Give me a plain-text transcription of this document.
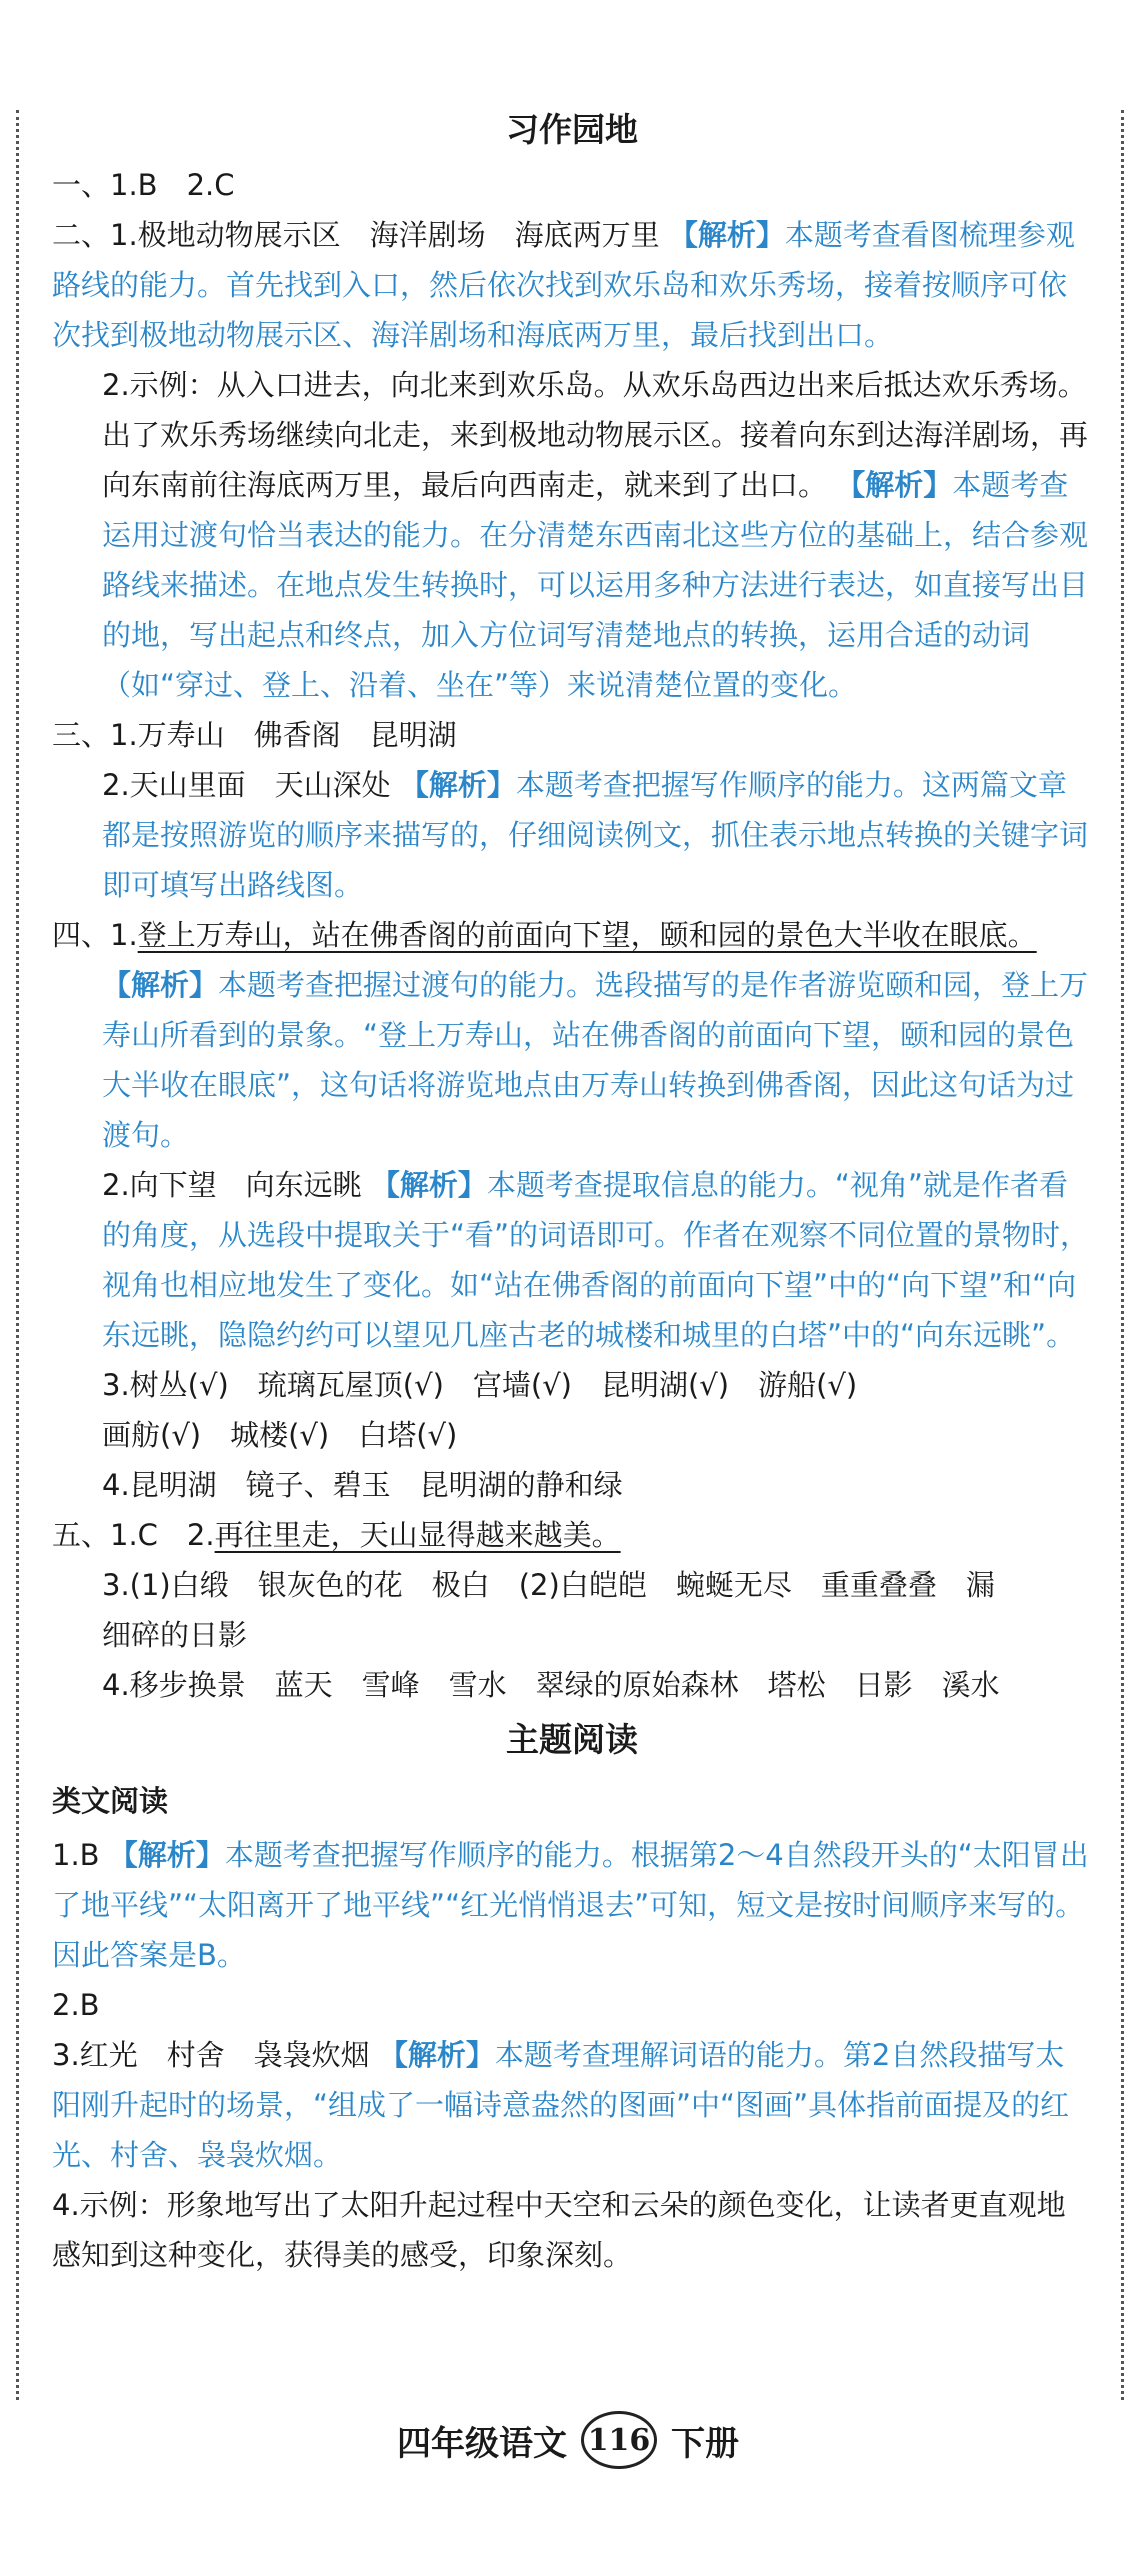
习作园地

一、1.B　2.C

二、1.极地动物展示区　海洋剧场　海底两万里 【解析】本题考查看图梳理参观路线的能力。首先找到入口，然后依次找到欢乐岛和欢乐秀场，接着按顺序可依次找到极地动物展示区、海洋剧场和海底两万里，最后找到出口。

2.示例：从入口进去，向北来到欢乐岛。从欢乐岛西边出来后抵达欢乐秀场。出了欢乐秀场继续向北走，来到极地动物展示区。接着向东到达海洋剧场，再向东南前往海底两万里，最后向西南走，就来到了出口。 【解析】本题考查运用过渡句恰当表达的能力。在分清楚东西南北这些方位的基础上，结合参观路线来描述。在地点发生转换时，可以运用多种方法进行表达，如直接写出目的地，写出起点和终点，加入方位词写清楚地点的转换，运用合适的动词（如“穿过、登上、沿着、坐在”等）来说清楚位置的变化。

三、1.万寿山　佛香阁　昆明湖

2.天山里面　天山深处 【解析】本题考查把握写作顺序的能力。这两篇文章都是按照游览的顺序来描写的，仔细阅读例文，抓住表示地点转换的关键字词即可填写出路线图。

四、1.登上万寿山，站在佛香阁的前面向下望，颐和园的景色大半收在眼底。

【解析】本题考查把握过渡句的能力。选段描写的是作者游览颐和园，登上万寿山所看到的景象。“登上万寿山，站在佛香阁的前面向下望，颐和园的景色大半收在眼底”，这句话将游览地点由万寿山转换到佛香阁，因此这句话为过渡句。

2.向下望　向东远眺 【解析】本题考查提取信息的能力。“视角”就是作者看的角度，从选段中提取关于“看”的词语即可。作者在观察不同位置的景物时，视角也相应地发生了变化。如“站在佛香阁的前面向下望”中的“向下望”和“向东远眺，隐隐约约可以望见几座古老的城楼和城里的白塔”中的“向东远眺”。

3.树丛(√)　琉璃瓦屋顶(√)　宫墙(√)　昆明湖(√)　游船(√)

画舫(√)　城楼(√)　白塔(√)

4.昆明湖　镜子、碧玉　昆明湖的静和绿

五、1.C　2.再往里走，天山显得越来越美。

3.(1)白缎　银灰色的花　极白　(2)白皑皑　蜿蜒无尽　重重叠叠　漏

细碎的日影

4.移步换景　蓝天　雪峰　雪水　翠绿的原始森林　塔松　日影　溪水

主题阅读

类文阅读

1.B 【解析】本题考查把握写作顺序的能力。根据第2～4自然段开头的“太阳冒出了地平线”“太阳离开了地平线”“红光悄悄退去”可知，短文是按时间顺序来写的。因此答案是B。

2.B

3.红光　村舍　袅袅炊烟 【解析】本题考查理解词语的能力。第2自然段描写太阳刚升起时的场景，“组成了一幅诗意盎然的图画”中“图画”具体指前面提及的红光、村舍、袅袅炊烟。

4.示例：形象地写出了太阳升起过程中天空和云朵的颜色变化，让读者更直观地感知到这种变化，获得美的感受，印象深刻。

四年级语文 116 下册
